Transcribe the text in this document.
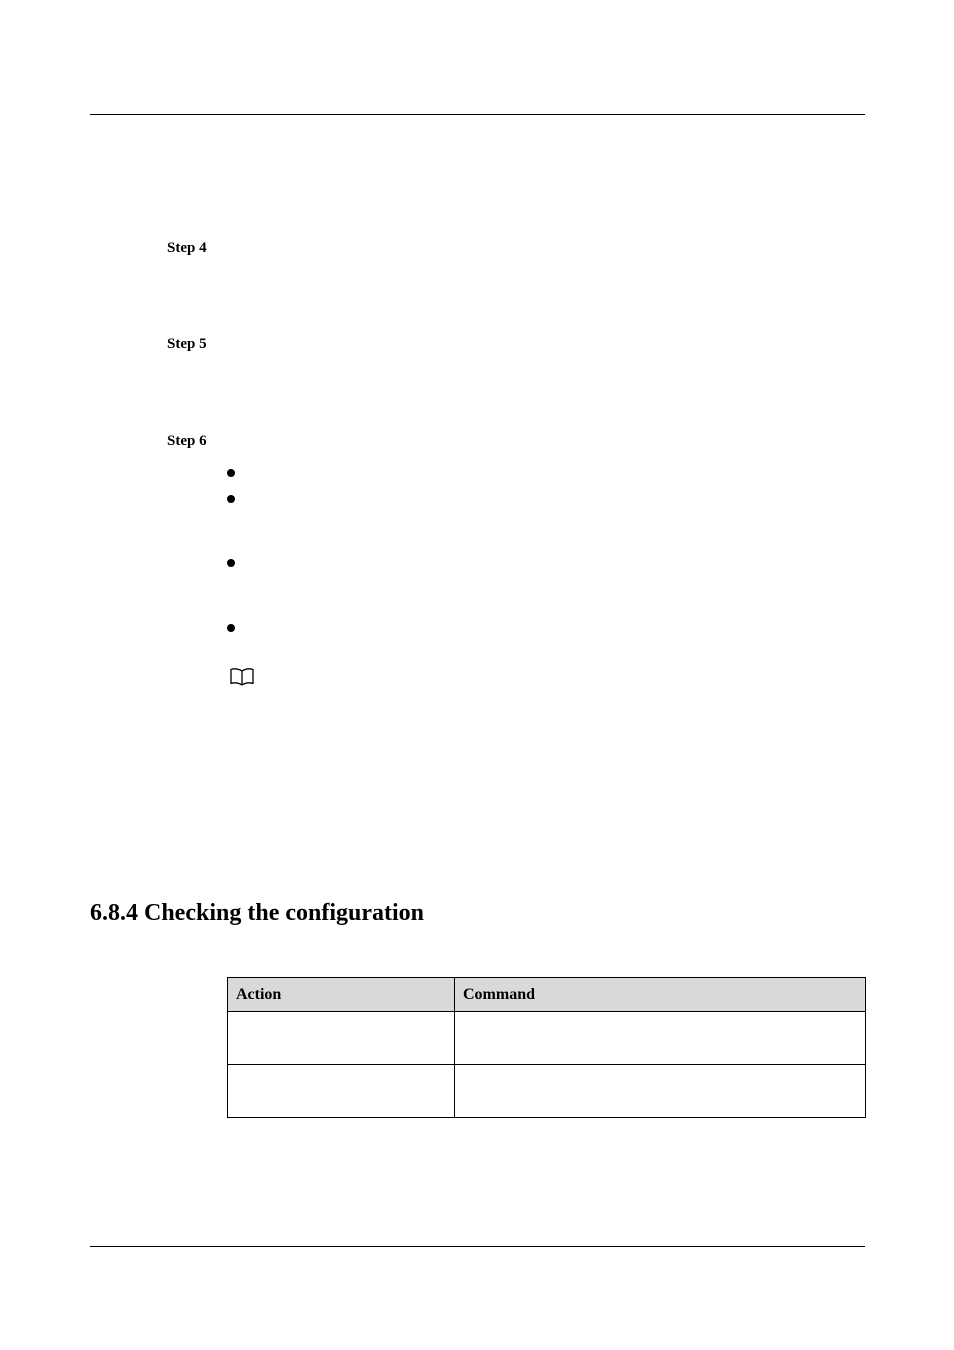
Step 4
Step 5
Step 6
6.8.4 Checking the configuration
Action	Command
